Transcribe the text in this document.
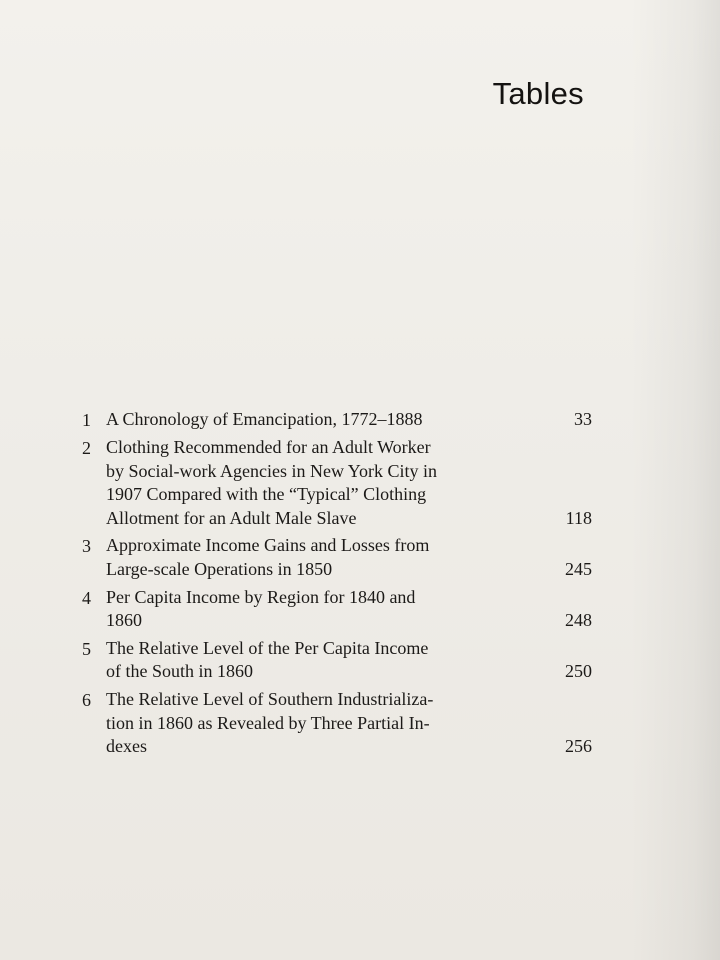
Tables
1 A Chronology of Emancipation, 1772–1888	33
2 Clothing Recommended for an Adult Worker
by Social-work Agencies in New York City in
1907 Compared with the “Typical” Clothing
Allotment for an Adult Male Slave	118
3 Approximate Income Gains and Losses from
Large-scale Operations in 1850	245
4 Per Capita Income by Region for 1840 and
1860	248
5 The Relative Level of the Per Capita Income
of the South in 1860	250
6 The Relative Level of Southern Industrializa-
tion in 1860 as Revealed by Three Partial In-
dexes	256
